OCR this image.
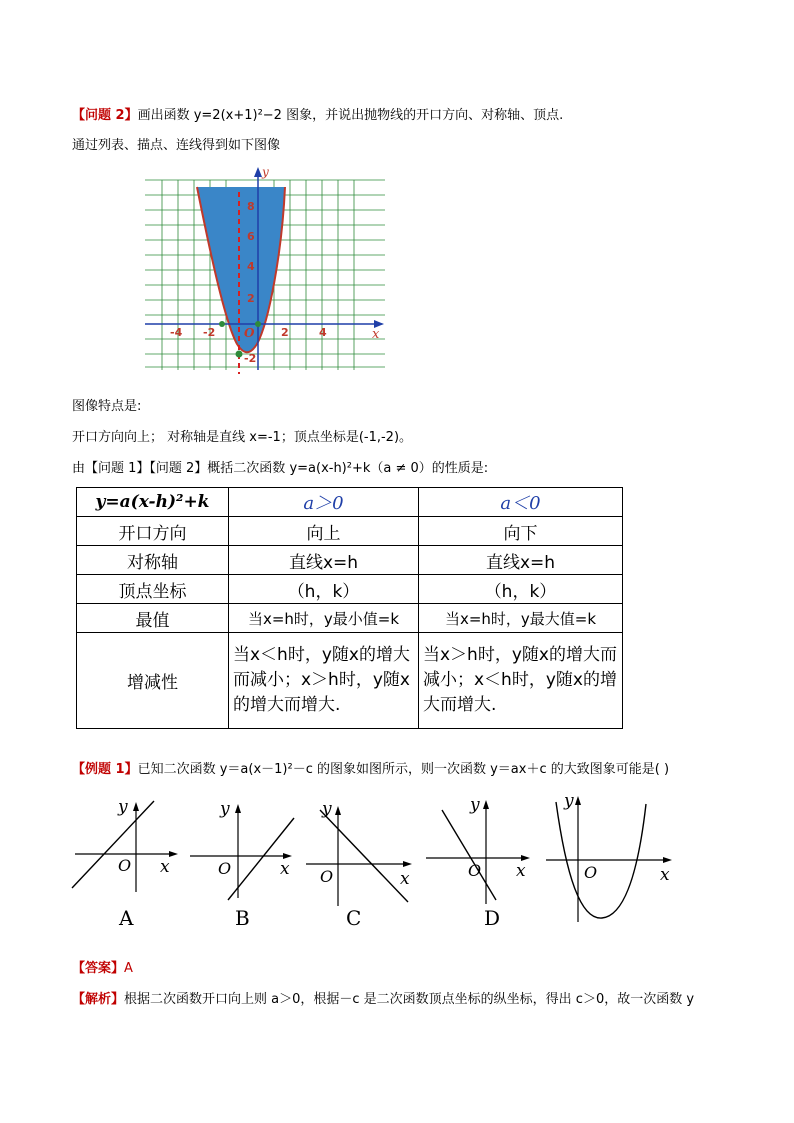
【问题 2】画出函数 y=2(x+1)²−2 图象，并说出抛物线的开口方向、对称轴、顶点.
通过列表、描点、连线得到如下图像
x
y
O
-4 -2	2	4
8
6
4
2
-2
图像特点是:
开口方向向上； 对称轴是直线 x=-1；顶点坐标是(-1,-2)。
由【问题 1】【问题 2】概括二次函数 y=a(x-h)²+k（a ≠ 0）的性质是:
y=a(x-h)²+k	a＞0	a＜0
开口方向	向上	向下
对称轴	直线x=h	直线x=h
顶点坐标	（h，k）	（h，k）
最值	当x=h时，y最小值=k	当x=h时，y最大值=k
增减性	当x＜h时，y随x的增大而减小；x＞h时，y随x的增大而增大.	当x＞h时，y随x的增大而减小；x＜h时，y随x的增大而增大.
【例题 1】已知二次函数 y＝a(x－1)²－c 的图象如图所示，则一次函数 y＝ax＋c 的大致图象可能是( )
y
x
O
A
y
x
O
B
y
x
O
C
y
x
O
D
y
x
O
【答案】A
【解析】根据二次函数开口向上则 a＞0，根据－c 是二次函数顶点坐标的纵坐标，得出 c＞0，故一次函数 y
